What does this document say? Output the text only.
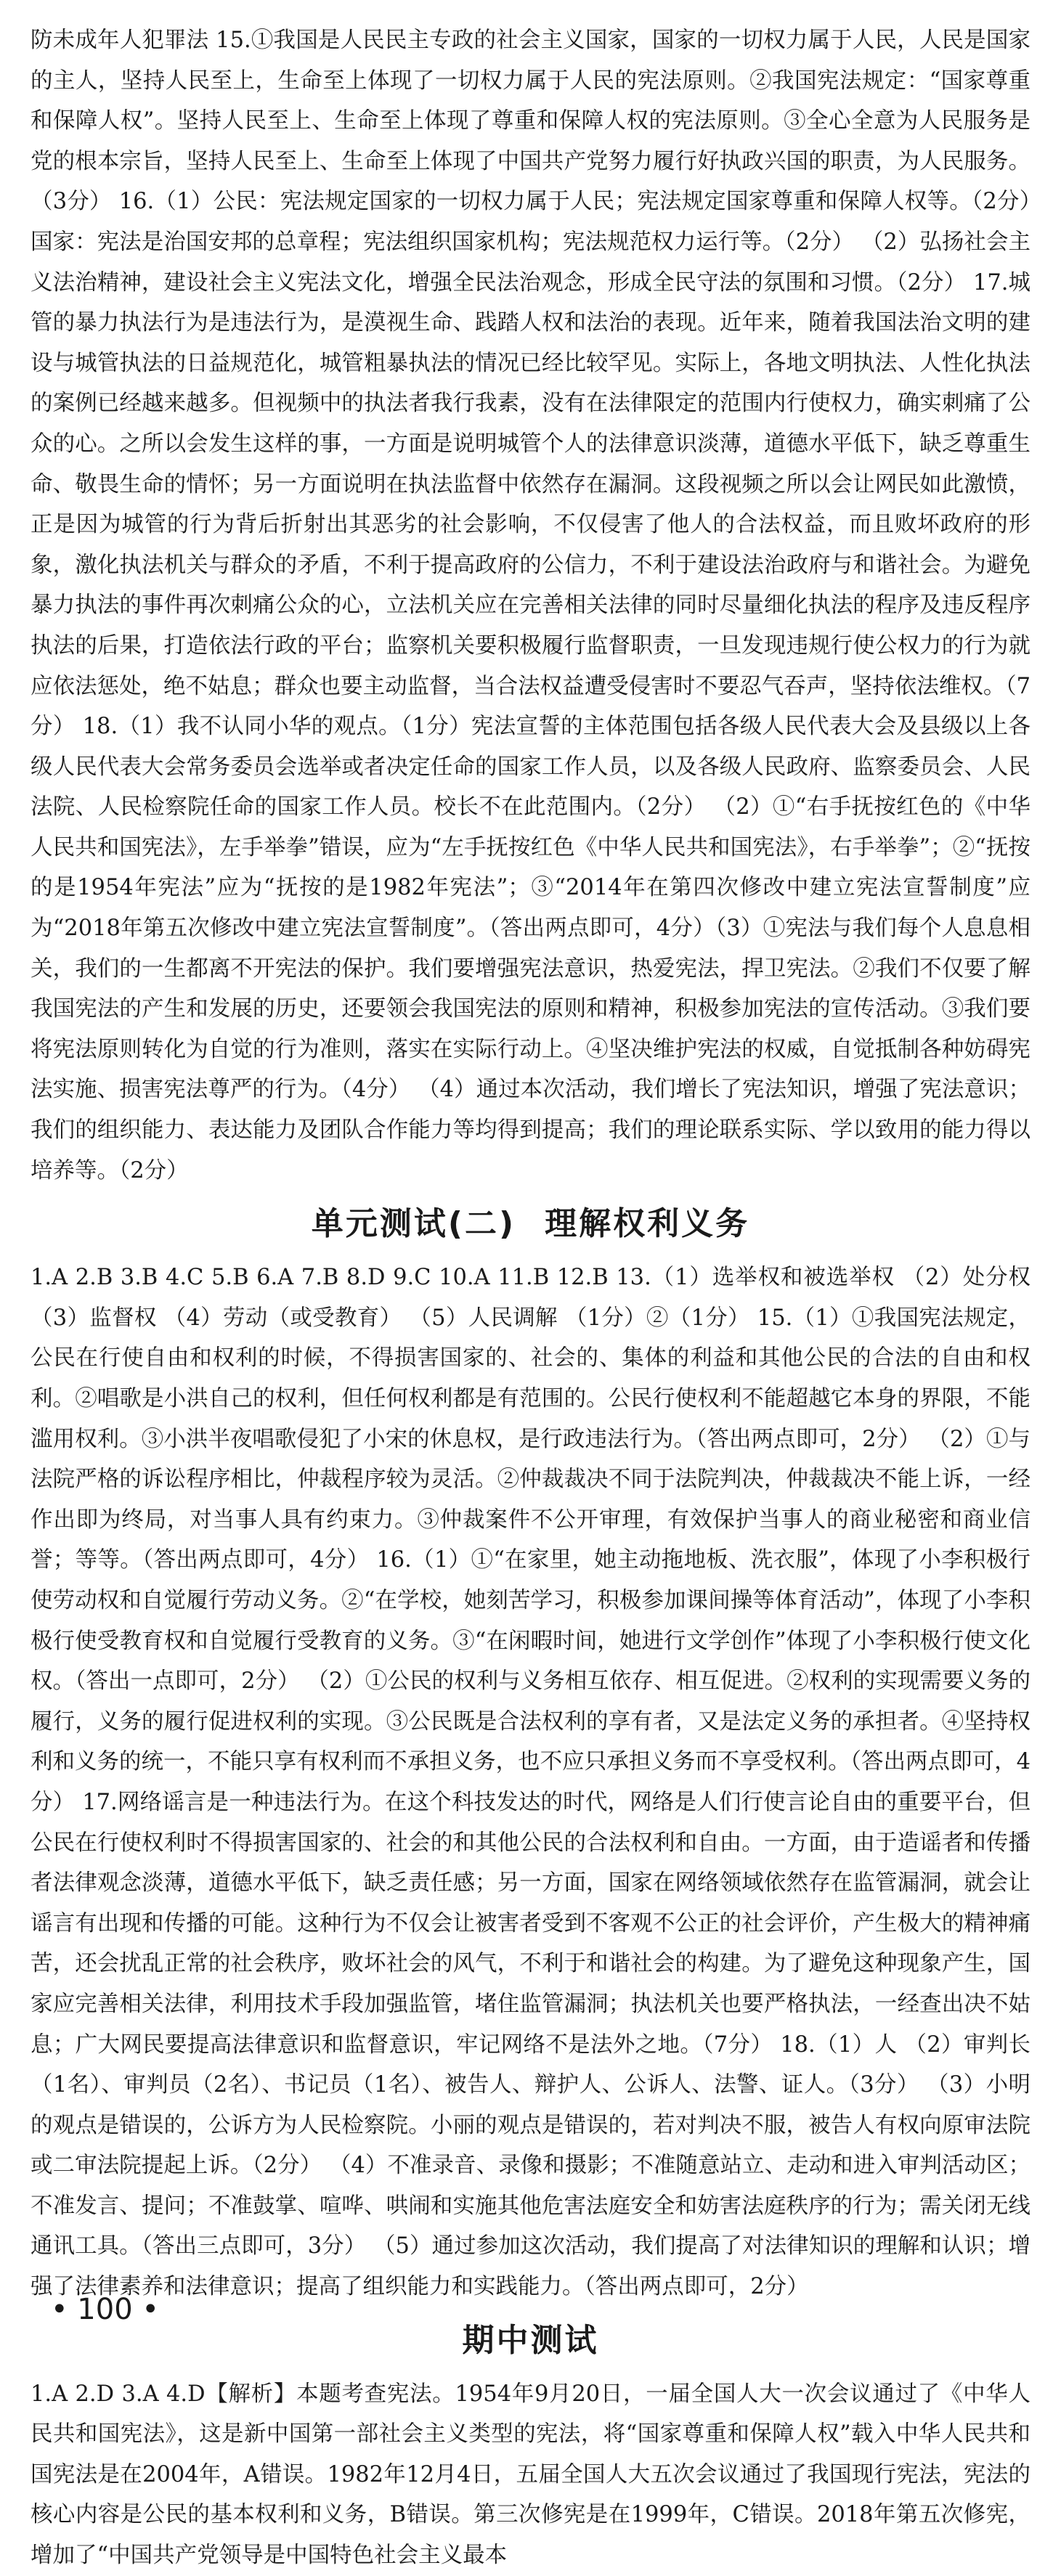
防未成年人犯罪法 15.①我国是人民民主专政的社会主义国家，国家的一切权力属于人民，人民是国家的主人，坚持人民至上，生命至上体现了一切权力属于人民的宪法原则。②我国宪法规定：“国家尊重和保障人权”。坚持人民至上、生命至上体现了尊重和保障人权的宪法原则。③全心全意为人民服务是党的根本宗旨，坚持人民至上、生命至上体现了中国共产党努力履行好执政兴国的职责，为人民服务。（3分） 16.（1）公民：宪法规定国家的一切权力属于人民；宪法规定国家尊重和保障人权等。（2分）国家：宪法是治国安邦的总章程；宪法组织国家机构；宪法规范权力运行等。（2分） （2）弘扬社会主义法治精神，建设社会主义宪法文化，增强全民法治观念，形成全民守法的氛围和习惯。（2分） 17.城管的暴力执法行为是违法行为，是漠视生命、践踏人权和法治的表现。近年来，随着我国法治文明的建设与城管执法的日益规范化，城管粗暴执法的情况已经比较罕见。实际上，各地文明执法、人性化执法的案例已经越来越多。但视频中的执法者我行我素，没有在法律限定的范围内行使权力，确实刺痛了公众的心。之所以会发生这样的事，一方面是说明城管个人的法律意识淡薄，道德水平低下，缺乏尊重生命、敬畏生命的情怀；另一方面说明在执法监督中依然存在漏洞。这段视频之所以会让网民如此激愤，正是因为城管的行为背后折射出其恶劣的社会影响，不仅侵害了他人的合法权益，而且败坏政府的形象，激化执法机关与群众的矛盾，不利于提高政府的公信力，不利于建设法治政府与和谐社会。为避免暴力执法的事件再次刺痛公众的心，立法机关应在完善相关法律的同时尽量细化执法的程序及违反程序执法的后果，打造依法行政的平台；监察机关要积极履行监督职责，一旦发现违规行使公权力的行为就应依法惩处，绝不姑息；群众也要主动监督，当合法权益遭受侵害时不要忍气吞声，坚持依法维权。（7分） 18.（1）我不认同小华的观点。（1分）宪法宣誓的主体范围包括各级人民代表大会及县级以上各级人民代表大会常务委员会选举或者决定任命的国家工作人员，以及各级人民政府、监察委员会、人民法院、人民检察院任命的国家工作人员。校长不在此范围内。（2分） （2）①“右手抚按红色的《中华人民共和国宪法》，左手举拳”错误，应为“左手抚按红色《中华人民共和国宪法》，右手举拳”；②“抚按的是1954年宪法”应为“抚按的是1982年宪法”；③“2014年在第四次修改中建立宪法宣誓制度”应为“2018年第五次修改中建立宪法宣誓制度”。（答出两点即可，4分）（3）①宪法与我们每个人息息相关，我们的一生都离不开宪法的保护。我们要增强宪法意识，热爱宪法，捍卫宪法。②我们不仅要了解我国宪法的产生和发展的历史，还要领会我国宪法的原则和精神，积极参加宪法的宣传活动。③我们要将宪法原则转化为自觉的行为准则，落实在实际行动上。④坚决维护宪法的权威，自觉抵制各种妨碍宪法实施、损害宪法尊严的行为。（4分） （4）通过本次活动，我们增长了宪法知识，增强了宪法意识；我们的组织能力、表达能力及团队合作能力等均得到提高；我们的理论联系实际、学以致用的能力得以培养等。（2分）

单元测试(二) 理解权利义务

1.A 2.B 3.B 4.C 5.B 6.A 7.B 8.D 9.C 10.A 11.B 12.B 13.（1）选举权和被选举权 （2）处分权 （3）监督权 （4）劳动（或受教育） （5）人民调解 （1分）②（1分） 15.（1）①我国宪法规定，公民在行使自由和权利的时候，不得损害国家的、社会的、集体的利益和其他公民的合法的自由和权利。②唱歌是小洪自己的权利，但任何权利都是有范围的。公民行使权利不能超越它本身的界限，不能滥用权利。③小洪半夜唱歌侵犯了小宋的休息权，是行政违法行为。（答出两点即可，2分） （2）①与法院严格的诉讼程序相比，仲裁程序较为灵活。②仲裁裁决不同于法院判决，仲裁裁决不能上诉，一经作出即为终局，对当事人具有约束力。③仲裁案件不公开审理，有效保护当事人的商业秘密和商业信誉；等等。（答出两点即可，4分） 16.（1）①“在家里，她主动拖地板、洗衣服”，体现了小李积极行使劳动权和自觉履行劳动义务。②“在学校，她刻苦学习，积极参加课间操等体育活动”，体现了小李积极行使受教育权和自觉履行受教育的义务。③“在闲暇时间，她进行文学创作”体现了小李积极行使文化权。（答出一点即可，2分） （2）①公民的权利与义务相互依存、相互促进。②权利的实现需要义务的履行，义务的履行促进权利的实现。③公民既是合法权利的享有者，又是法定义务的承担者。④坚持权利和义务的统一，不能只享有权利而不承担义务，也不应只承担义务而不享受权利。（答出两点即可，4分） 17.网络谣言是一种违法行为。在这个科技发达的时代，网络是人们行使言论自由的重要平台，但公民在行使权利时不得损害国家的、社会的和其他公民的合法权利和自由。一方面，由于造谣者和传播者法律观念淡薄，道德水平低下，缺乏责任感；另一方面，国家在网络领域依然存在监管漏洞，就会让谣言有出现和传播的可能。这种行为不仅会让被害者受到不客观不公正的社会评价，产生极大的精神痛苦，还会扰乱正常的社会秩序，败坏社会的风气，不利于和谐社会的构建。为了避免这种现象产生，国家应完善相关法律，利用技术手段加强监管，堵住监管漏洞；执法机关也要严格执法，一经查出决不姑息；广大网民要提高法律意识和监督意识，牢记网络不是法外之地。（7分） 18.（1）人 （2）审判长（1名）、审判员（2名）、书记员（1名）、被告人、辩护人、公诉人、法警、证人。（3分） （3）小明的观点是错误的，公诉方为人民检察院。小丽的观点是错误的，若对判决不服，被告人有权向原审法院或二审法院提起上诉。（2分） （4）不准录音、录像和摄影；不准随意站立、走动和进入审判活动区；不准发言、提问；不准鼓掌、喧哗、哄闹和实施其他危害法庭安全和妨害法庭秩序的行为；需关闭无线通讯工具。（答出三点即可，3分） （5）通过参加这次活动，我们提高了对法律知识的理解和认识；增强了法律素养和法律意识；提高了组织能力和实践能力。（答出两点即可，2分）

期中测试

1.A 2.D 3.A 4.D【解析】本题考查宪法。1954年9月20日，一届全国人大一次会议通过了《中华人民共和国宪法》，这是新中国第一部社会主义类型的宪法，将“国家尊重和保障人权”载入中华人民共和国宪法是在2004年，A错误。1982年12月4日，五届全国人大五次会议通过了我国现行宪法，宪法的核心内容是公民的基本权利和义务，B错误。第三次修宪是在1999年，C错误。2018年第五次修宪，增加了“中国共产党领导是中国特色社会主义最本

• 100 •
